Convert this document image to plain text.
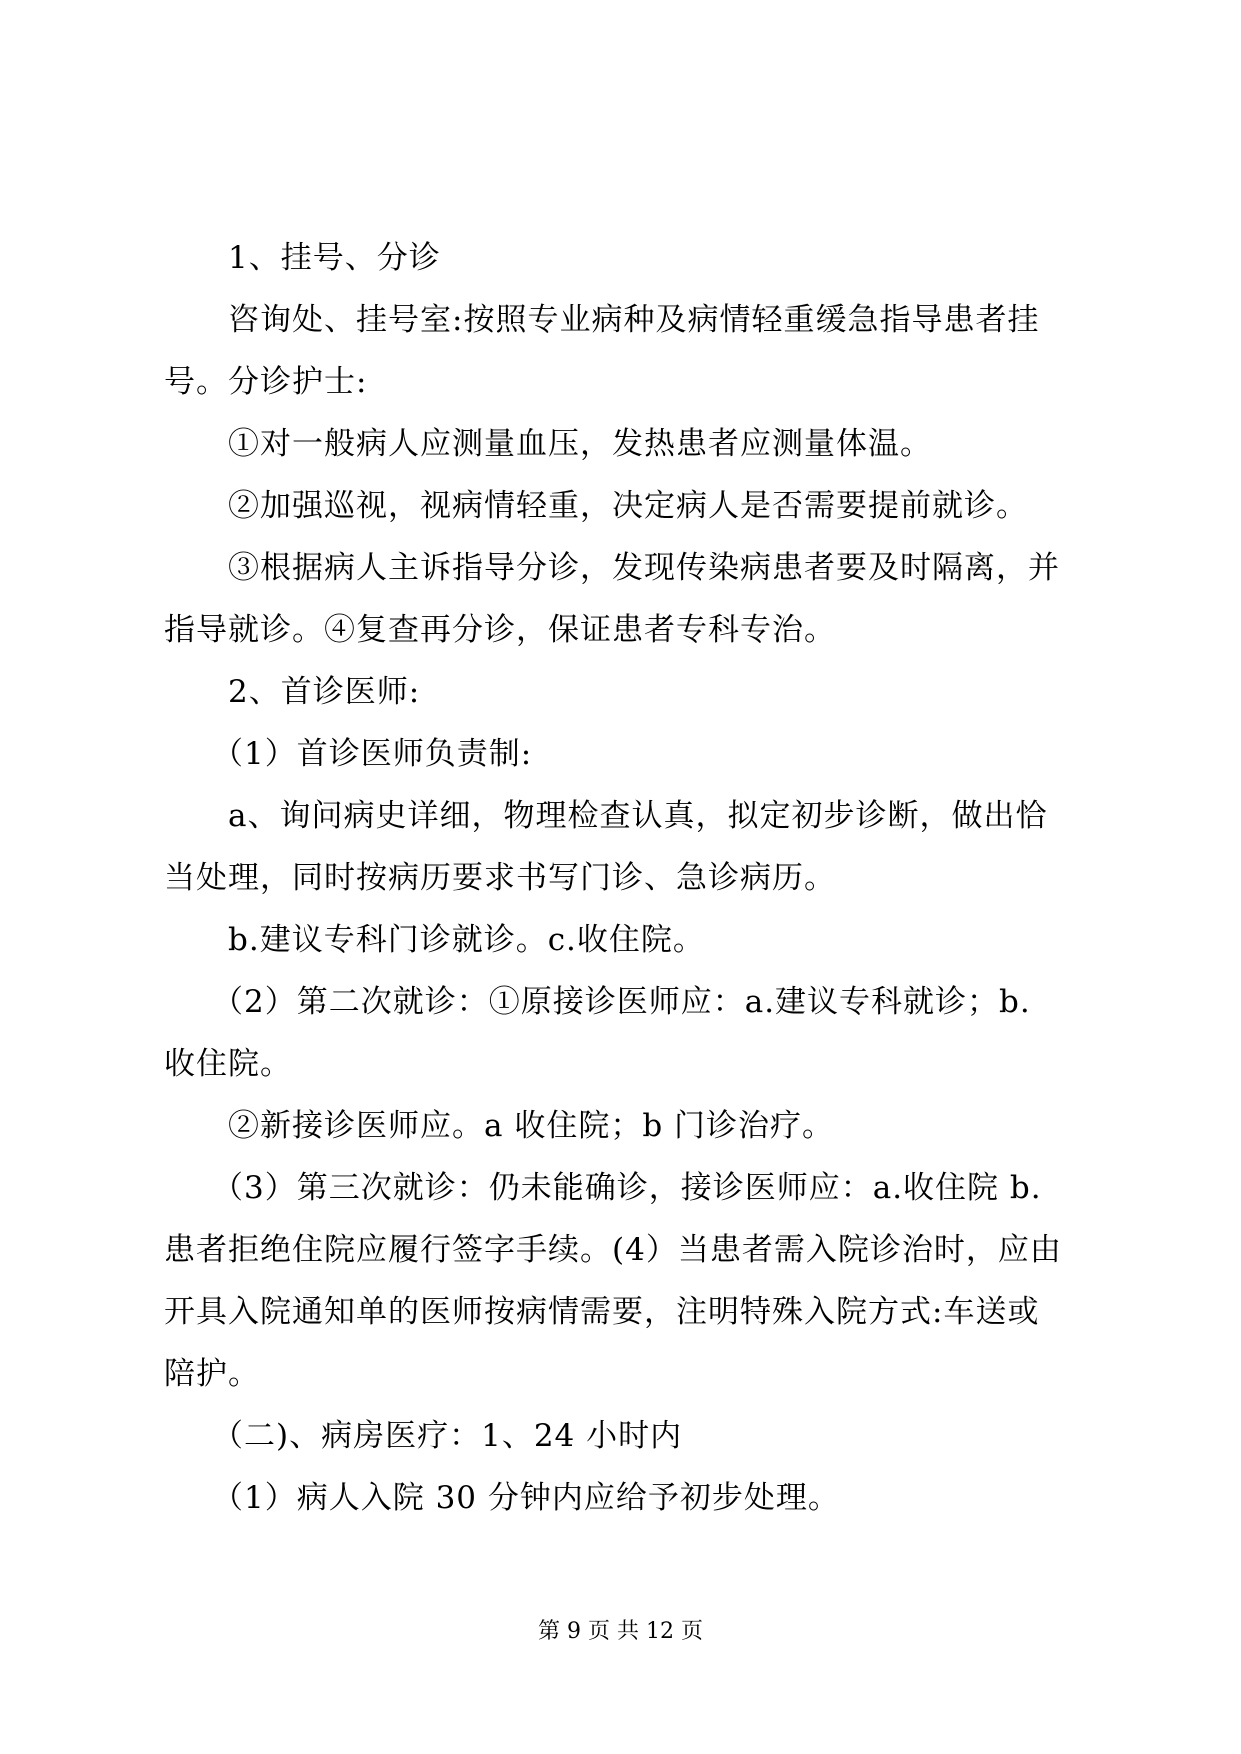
1、挂号、分诊
咨询处、挂号室:按照专业病种及病情轻重缓急指导患者挂
号。分诊护士:
①对一般病人应测量血压，发热患者应测量体温。
②加强巡视，视病情轻重，决定病人是否需要提前就诊。
③根据病人主诉指导分诊，发现传染病患者要及时隔离，并
指导就诊。④复查再分诊，保证患者专科专治。
2、首诊医师:
（1）首诊医师负责制:
a、询问病史详细，物理检查认真，拟定初步诊断，做出恰
当处理，同时按病历要求书写门诊、急诊病历。
b.建议专科门诊就诊。c.收住院。
（2）第二次就诊：①原接诊医师应：a.建议专科就诊；b.
收住院。
②新接诊医师应。a 收住院；b 门诊治疗。
（3）第三次就诊：仍未能确诊，接诊医师应：a.收住院 b.
患者拒绝住院应履行签字手续。(4）当患者需入院诊治时，应由
开具入院通知单的医师按病情需要，注明特殊入院方式:车送或
陪护。
（二)、病房医疗：1、24 小时内
（1）病人入院 30 分钟内应给予初步处理。
第 9 页 共 12 页
